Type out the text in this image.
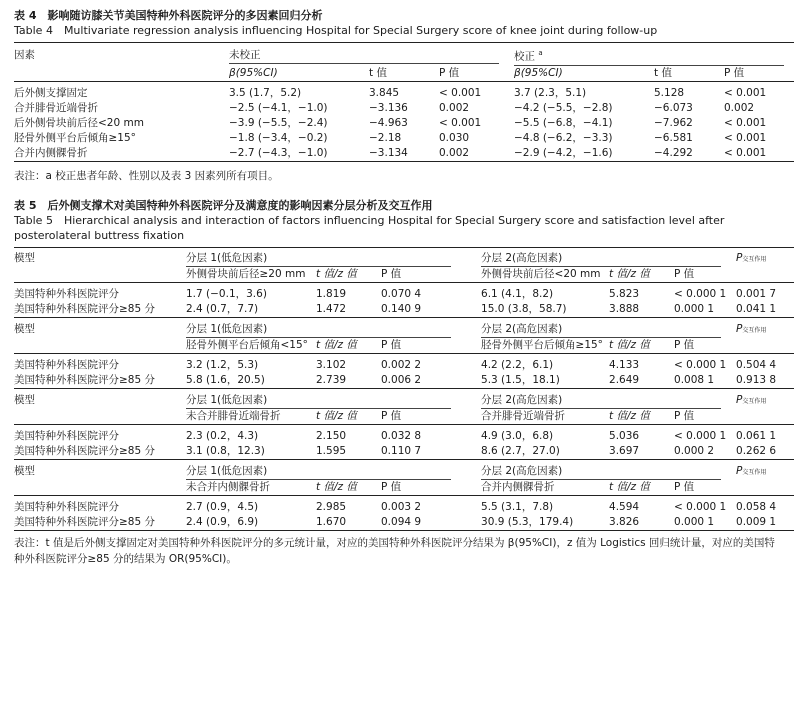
表 4　影响随访膝关节美国特种外科医院评分的多因素回归分析
Table 4　Multivariate regression analysis influencing Hospital for Special Surgery score of knee joint during follow-up
因素	未校正			校正 $^a$

	β(95%CI)	t 值	P 值	β(95%CI)	t 值	P 值

后外侧支撑固定	3.5 (1.7，5.2)	3.845	< 0.001	3.7 (2.3，5.1)	5.128	< 0.001
合并腓骨近端骨折	−2.5 (−4.1，−1.0)	−3.136	0.002	−4.2 (−5.5，−2.8)	−6.073	0.002
后外侧骨块前后径<20 mm	−3.9 (−5.5，−2.4)	−4.963	< 0.001	−5.5 (−6.8，−4.1)	−7.962	< 0.001
胫骨外侧平台后倾角≥15°	−1.8 (−3.4，−0.2)	−2.18	0.030	−4.8 (−6.2，−3.3)	−6.581	< 0.001
合并内侧髁骨折	−2.7 (−4.3，−1.0)	−3.134	0.002	−2.9 (−4.2，−1.6)	−4.292	< 0.001
表注：a 校正患者年龄、性别以及表 3 因素列所有项目。
表 5　后外侧支撑术对美国特种外科医院评分及满意度的影响因素分层分析及交互作用
Table 5　Hierarchical analysis and interaction of factors influencing Hospital for Special Surgery score and satisfaction level after
posterolateral buttress fixation
模型	分层 1(低危因素)			分层 2(高危因素)			P交互作用
	外侧骨块前后径≥20 mm	t 值/z 值	P 值	外侧骨块前后径<20 mm	t 值/z 值	P 值	

美国特种外科医院评分	1.7 (−0.1，3.6)	1.819	0.070 4	6.1 (4.1，8.2)	5.823	< 0.000 1	0.001 7
美国特种外科医院评分≥85 分	2.4 (0.7，7.7)	1.472	0.140 9	15.0 (3.8，58.7)	3.888	0.000 1	0.041 1

模型	分层 1(低危因素)			分层 2(高危因素)			P交互作用
	胫骨外侧平台后倾角<15°	t 值/z 值	P 值	胫骨外侧平台后倾角≥15°	t 值/z 值	P 值	

美国特种外科医院评分	3.2 (1.2，5.3)	3.102	0.002 2	4.2 (2.2，6.1)	4.133	< 0.000 1	0.504 4
美国特种外科医院评分≥85 分	5.8 (1.6，20.5)	2.739	0.006 2	5.3 (1.5，18.1)	2.649	0.008 1	0.913 8

模型	分层 1(低危因素)			分层 2(高危因素)			P交互作用
	未合并腓骨近端骨折	t 值/z 值	P 值	合并腓骨近端骨折	t 值/z 值	P 值	

美国特种外科医院评分	2.3 (0.2，4.3)	2.150	0.032 8	4.9 (3.0，6.8)	5.036	< 0.000 1	0.061 1
美国特种外科医院评分≥85 分	3.1 (0.8，12.3)	1.595	0.110 7	8.6 (2.7，27.0)	3.697	0.000 2	0.262 6

模型	分层 1(低危因素)			分层 2(高危因素)			P交互作用
	未合并内侧髁骨折	t 值/z 值	P 值	合并内侧髁骨折	t 值/z 值	P 值	

美国特种外科医院评分	2.7 (0.9，4.5)	2.985	0.003 2	5.5 (3.1，7.8)	4.594	< 0.000 1	0.058 4
美国特种外科医院评分≥85 分	2.4 (0.9，6.9)	1.670	0.094 9	30.9 (5.3，179.4)	3.826	0.000 1	0.009 1
表注：t 值是后外侧支撑固定对美国特种外科医院评分的多元统计量，对应的美国特种外科医院评分结果为 β(95%CI)，z 值为 Logistics 回归统计量，对应的美国特
种外科医院评分≥85 分的结果为 OR(95%CI)。
